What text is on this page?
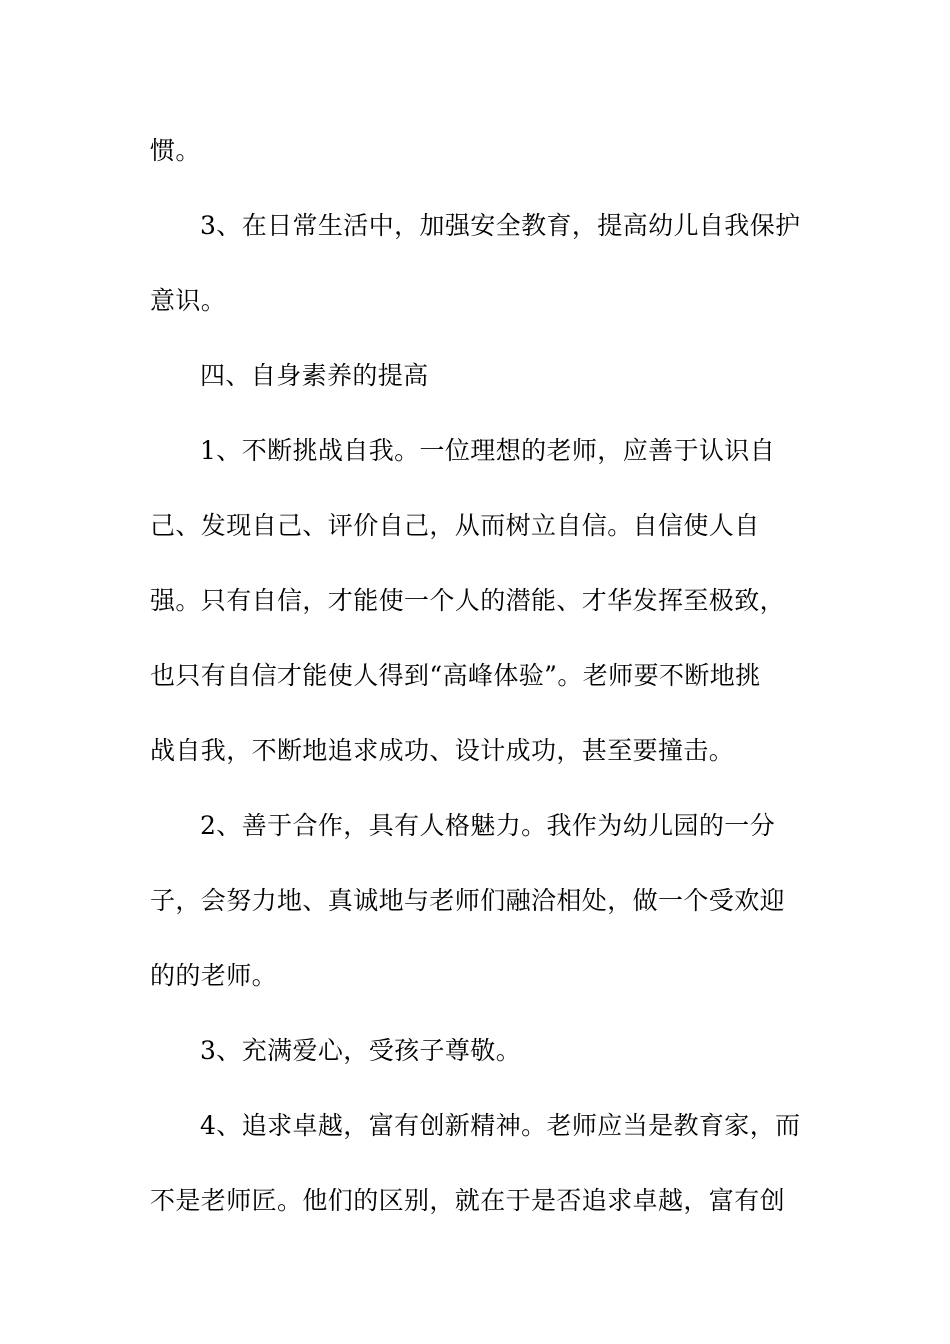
惯。
3、在日常生活中，加强安全教育，提高幼儿自我保护
意识。
四、自身素养的提高
1、不断挑战自我。一位理想的老师，应善于认识自
己、发现自己、评价自己，从而树立自信。自信使人自
强。只有自信，才能使一个人的潜能、才华发挥至极致，
也只有自信才能使人得到“高峰体验”。老师要不断地挑
战自我，不断地追求成功、设计成功，甚至要撞击。
2、善于合作，具有人格魅力。我作为幼儿园的一分
子，会努力地、真诚地与老师们融洽相处，做一个受欢迎
的的老师。
3、充满爱心，受孩子尊敬。
4、追求卓越，富有创新精神。老师应当是教育家，而
不是老师匠。他们的区别，就在于是否追求卓越，富有创
